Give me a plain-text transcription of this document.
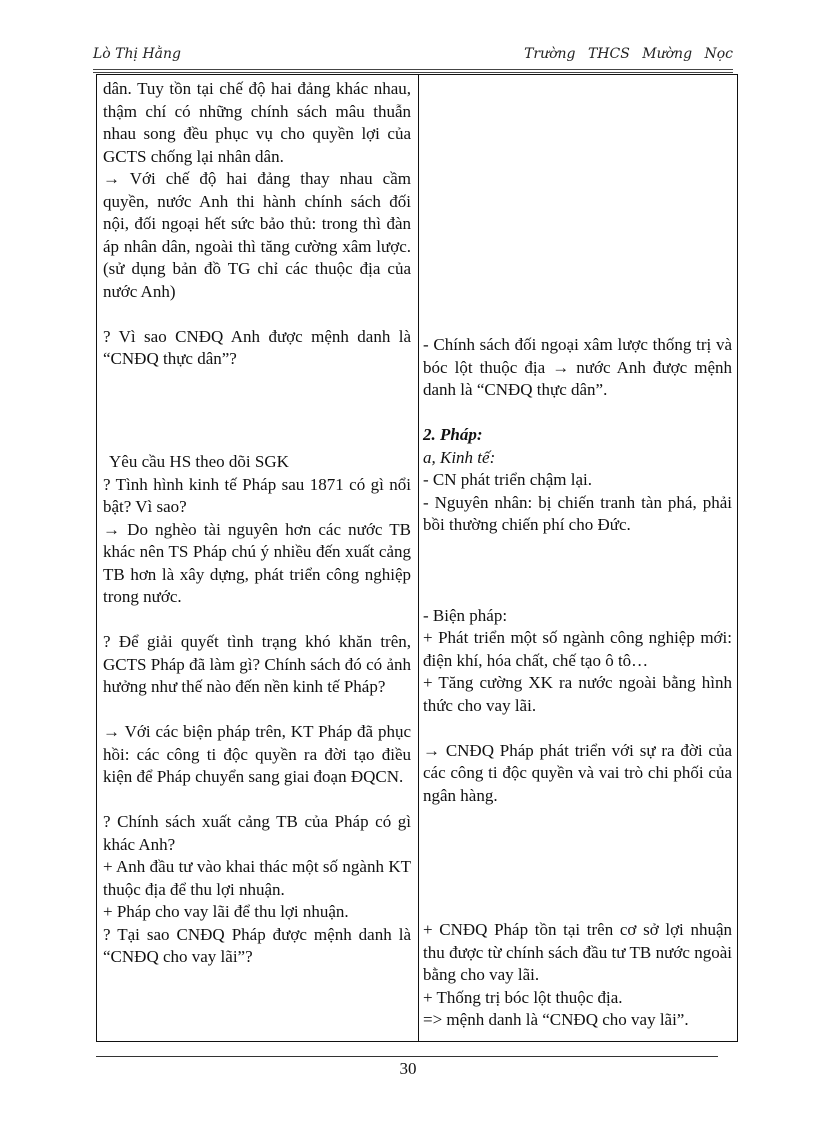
Lò Thị Hằng	Trường THCS Mường Nọc

dân. Tuy tồn tại chế độ hai đảng khác nhau, thậm chí có những chính sách mâu thuẫn nhau song đều phục vụ cho quyền lợi của GCTS chống lại nhân dân.

→ Với chế độ hai đảng thay nhau cầm quyền, nước Anh thi hành chính sách đối nội, đối ngoại hết sức bảo thủ: trong thì đàn áp nhân dân, ngoài thì tăng cường xâm lược. (sử dụng bản đồ TG chỉ các thuộc địa của nước Anh)

? Vì sao CNĐQ Anh được mệnh danh là “CNĐQ thực dân”?

Yêu cầu HS theo dõi SGK

? Tình hình kinh tế Pháp sau 1871 có gì nổi bật? Vì sao?

→ Do nghèo tài nguyên hơn các nước TB khác nên TS Pháp chú ý nhiều đến xuất cảng TB hơn là xây dựng, phát triển công nghiệp trong nước.

? Để giải quyết tình trạng khó khăn trên, GCTS Pháp đã làm gì? Chính sách đó có ảnh hưởng như thế nào đến nền kinh tế Pháp?

→ Với các biện pháp trên, KT Pháp đã phục hồi: các công ti độc quyền ra đời tạo điều kiện để Pháp chuyển sang giai đoạn ĐQCN.

? Chính sách xuất cảng TB của Pháp có gì khác Anh?

+ Anh đầu tư vào khai thác một số ngành KT thuộc địa để thu lợi nhuận.

+ Pháp cho vay lãi để thu lợi nhuận.

? Tại sao CNĐQ Pháp được mệnh danh là “CNĐQ cho vay lãi”?

- Chính sách đối ngoại xâm lược thống trị và bóc lột thuộc địa → nước Anh được mệnh danh là “CNĐQ thực dân”.

2. Pháp:

a, Kinh tế:

- CN phát triển chậm lại.

- Nguyên nhân: bị chiến tranh tàn phá, phải bồi thường chiến phí cho Đức.

- Biện pháp:

+ Phát triển một số ngành công nghiệp mới: điện khí, hóa chất, chế tạo ô tô…

+ Tăng cường XK ra nước ngoài bằng hình thức cho vay lãi.

→ CNĐQ Pháp phát triển với sự ra đời của các công ti độc quyền và vai trò chi phối của ngân hàng.

+ CNĐQ Pháp tồn tại trên cơ sở lợi nhuận thu được từ chính sách đầu tư TB nước ngoài bằng cho vay lãi.

+ Thống trị bóc lột thuộc địa.

=> mệnh danh là “CNĐQ cho vay lãi”.

30
